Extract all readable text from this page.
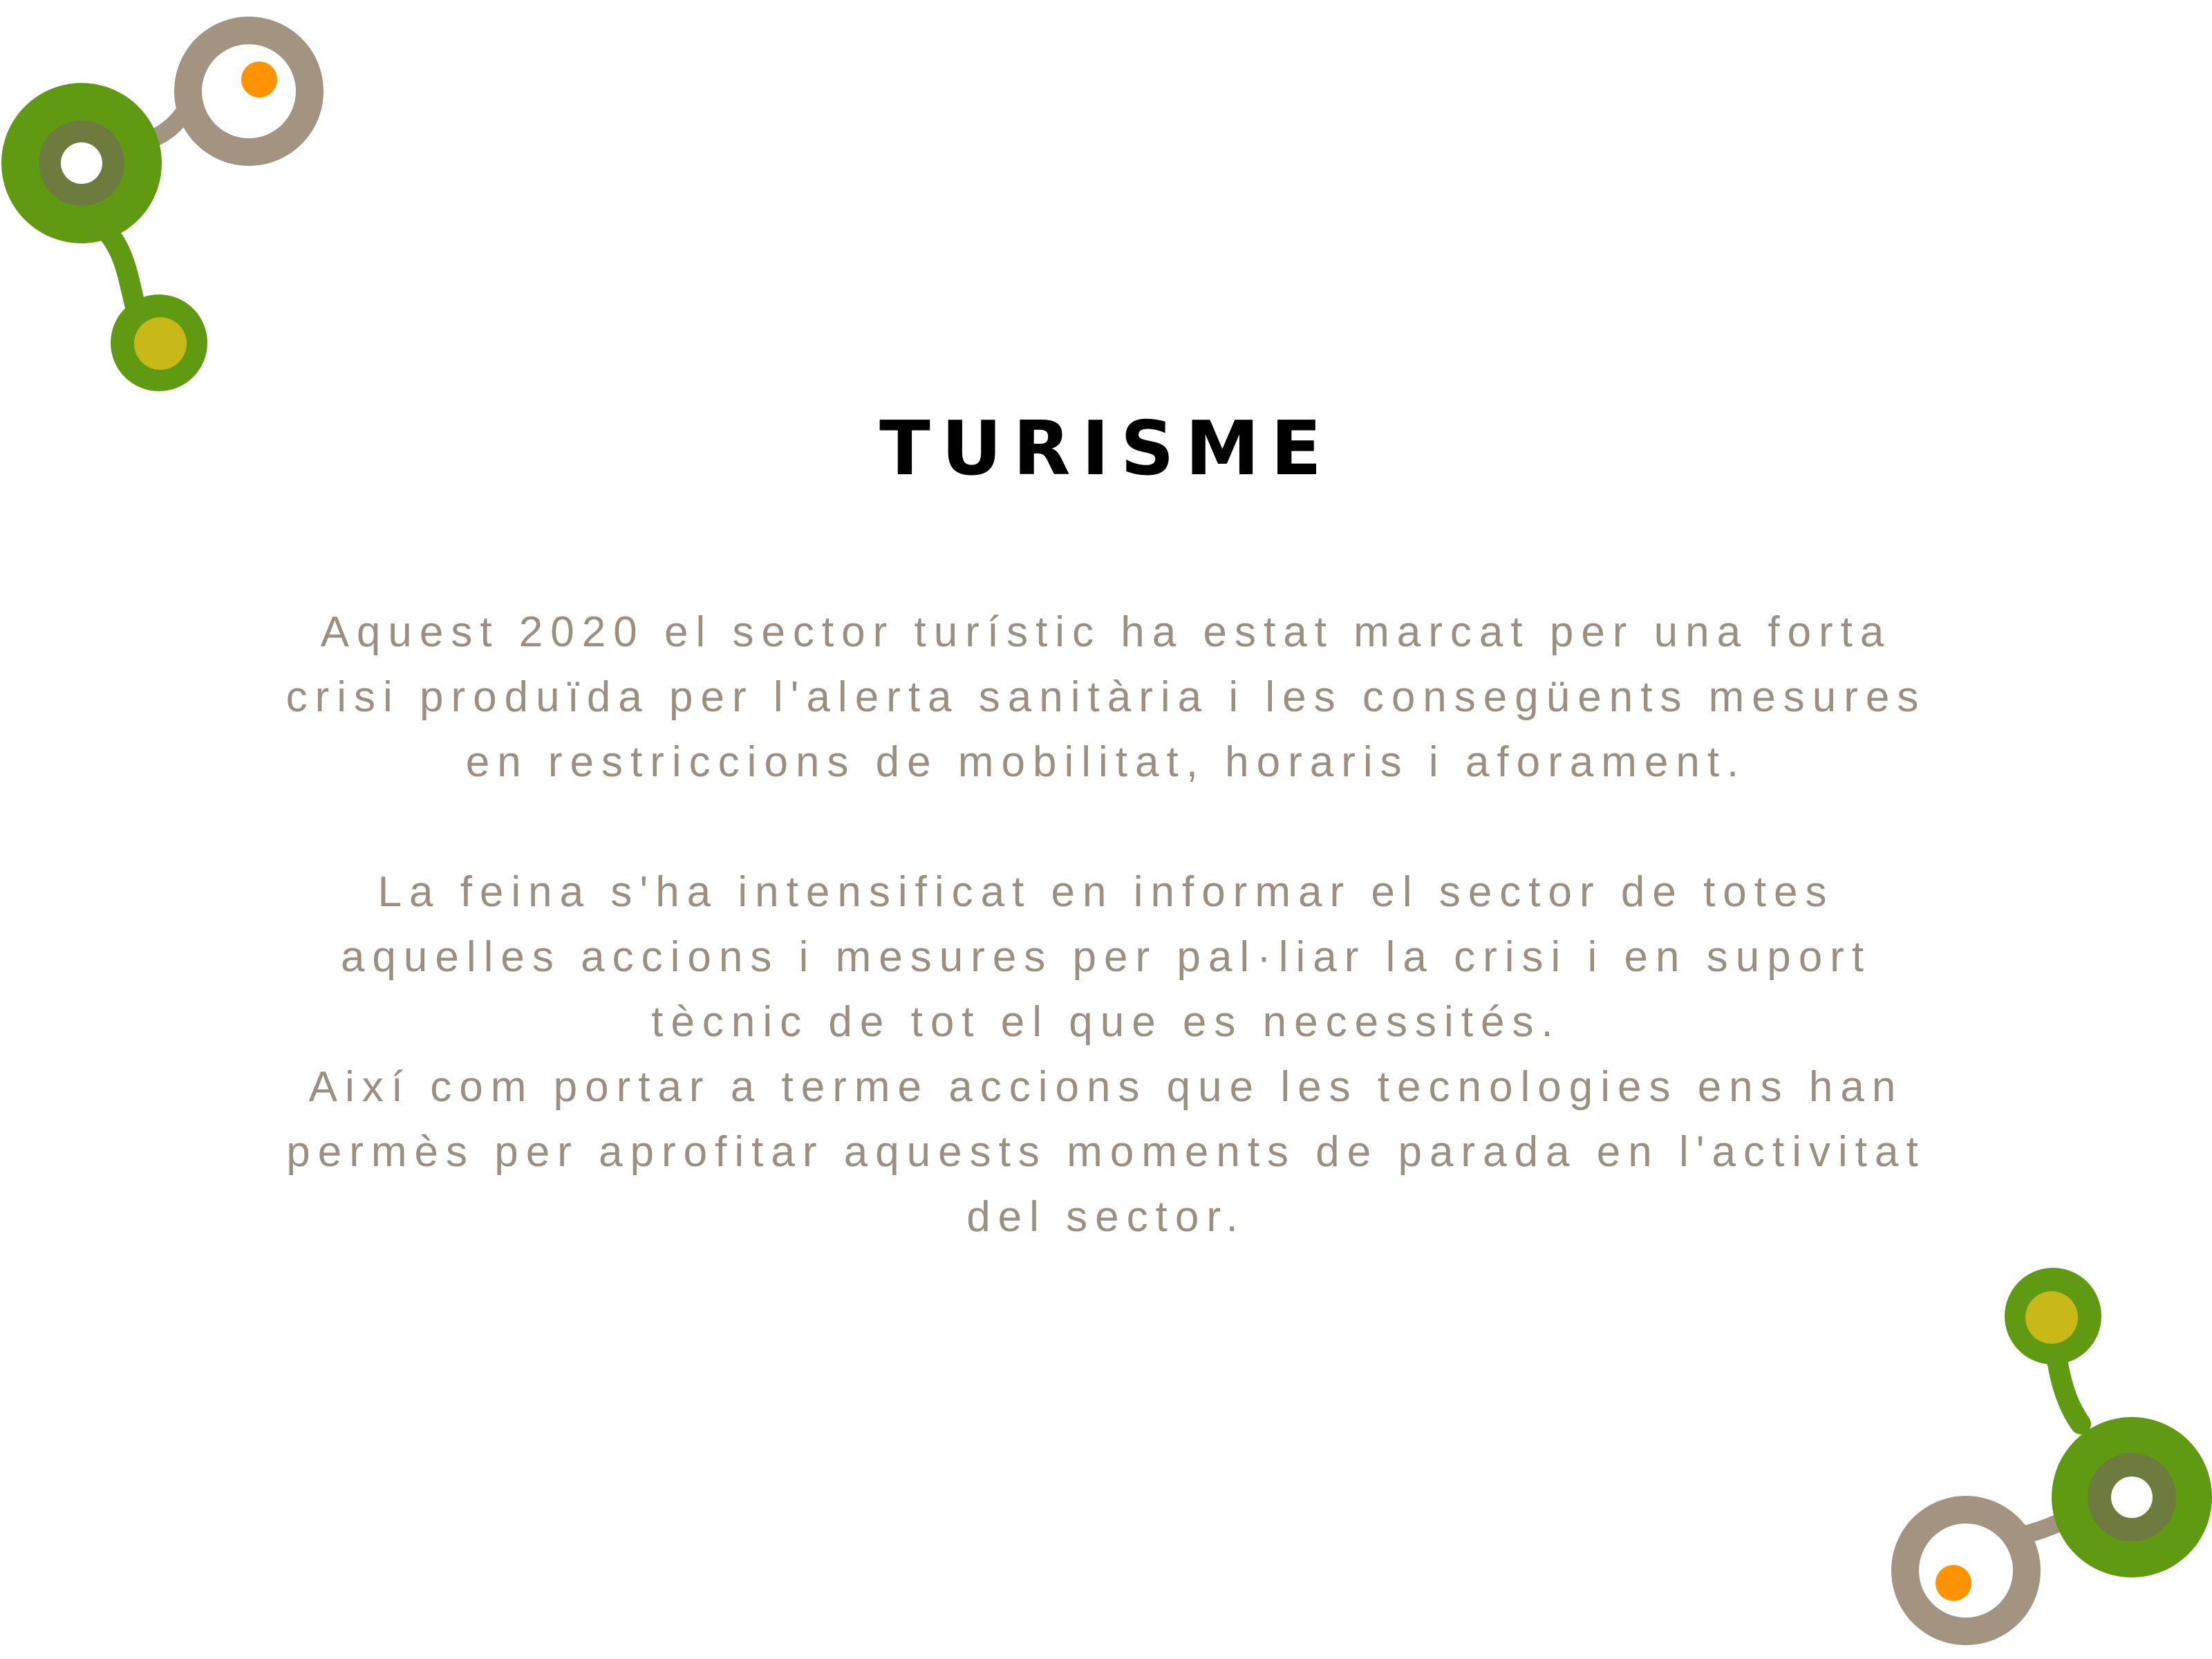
TURISME

Aquest 2020 el sector turístic ha estat marcat per una forta
crisi produïda per l'alerta sanitària i les consegüents mesures
en restriccions de mobilitat, horaris i aforament.

La feina s'ha intensificat en informar el sector de totes
aquelles accions i mesures per pal·liar la crisi i en suport
tècnic de tot el que es necessités.

Així com portar a terme accions que les tecnologies ens han
permès per aprofitar aquests moments de parada en l'activitat
del sector.
